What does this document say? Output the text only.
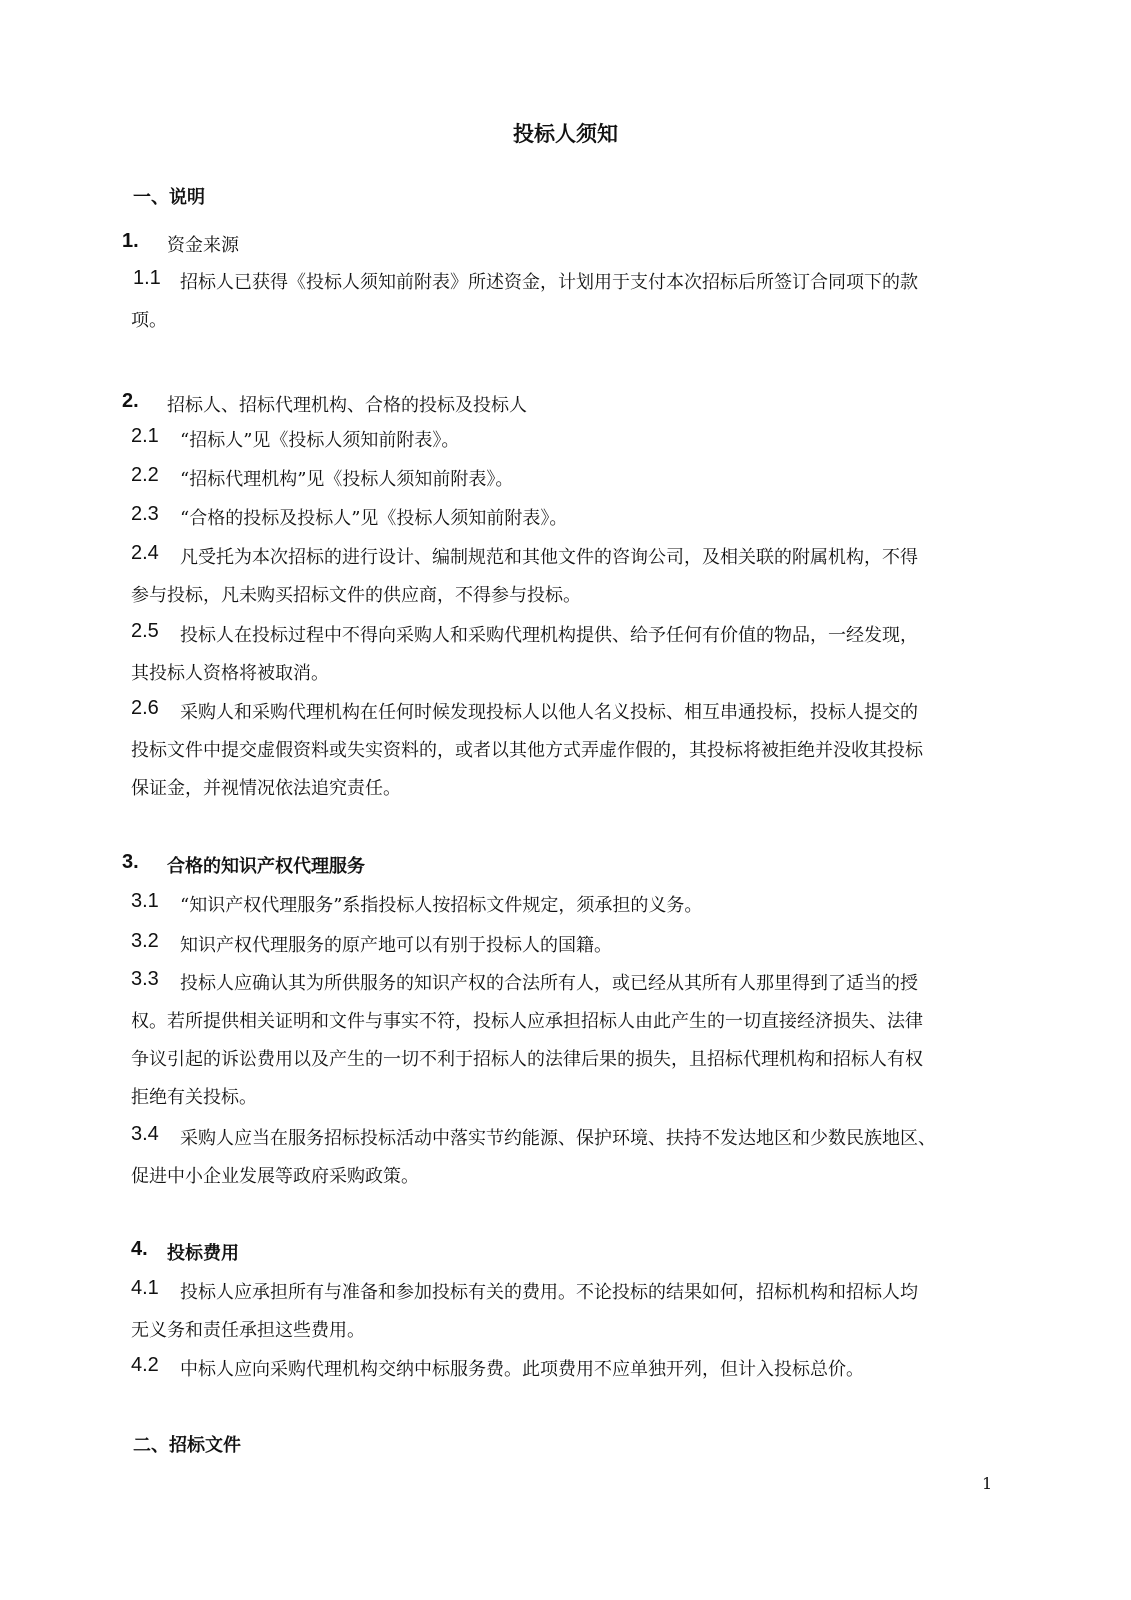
投标人须知
一、说明
1. 资金来源
1.1 招标人已获得《投标人须知前附表》所述资金，计划用于支付本次招标后所签订合同项下的款
项。
2. 招标人、招标代理机构、合格的投标及投标人
2.1 “招标人”见《投标人须知前附表》。
2.2 “招标代理机构”见《投标人须知前附表》。
2.3 “合格的投标及投标人”见《投标人须知前附表》。
2.4 凡受托为本次招标的进行设计、编制规范和其他文件的咨询公司，及相关联的附属机构，不得
参与投标，凡未购买招标文件的供应商，不得参与投标。
2.5 投标人在投标过程中不得向采购人和采购代理机构提供、给予任何有价值的物品，一经发现，
其投标人资格将被取消。
2.6 采购人和采购代理机构在任何时候发现投标人以他人名义投标、相互串通投标，投标人提交的
投标文件中提交虚假资料或失实资料的，或者以其他方式弄虚作假的，其投标将被拒绝并没收其投标
保证金，并视情况依法追究责任。
3. 合格的知识产权代理服务
3.1 “知识产权代理服务”系指投标人按招标文件规定，须承担的义务。
3.2 知识产权代理服务的原产地可以有别于投标人的国籍。
3.3 投标人应确认其为所供服务的知识产权的合法所有人，或已经从其所有人那里得到了适当的授
权。若所提供相关证明和文件与事实不符，投标人应承担招标人由此产生的一切直接经济损失、法律
争议引起的诉讼费用以及产生的一切不利于招标人的法律后果的损失，且招标代理机构和招标人有权
拒绝有关投标。
3.4 采购人应当在服务招标投标活动中落实节约能源、保护环境、扶持不发达地区和少数民族地区、
促进中小企业发展等政府采购政策。
4. 投标费用
4.1 投标人应承担所有与准备和参加投标有关的费用。不论投标的结果如何，招标机构和招标人均
无义务和责任承担这些费用。
4.2 中标人应向采购代理机构交纳中标服务费。此项费用不应单独开列，但计入投标总价。
二、招标文件
1
